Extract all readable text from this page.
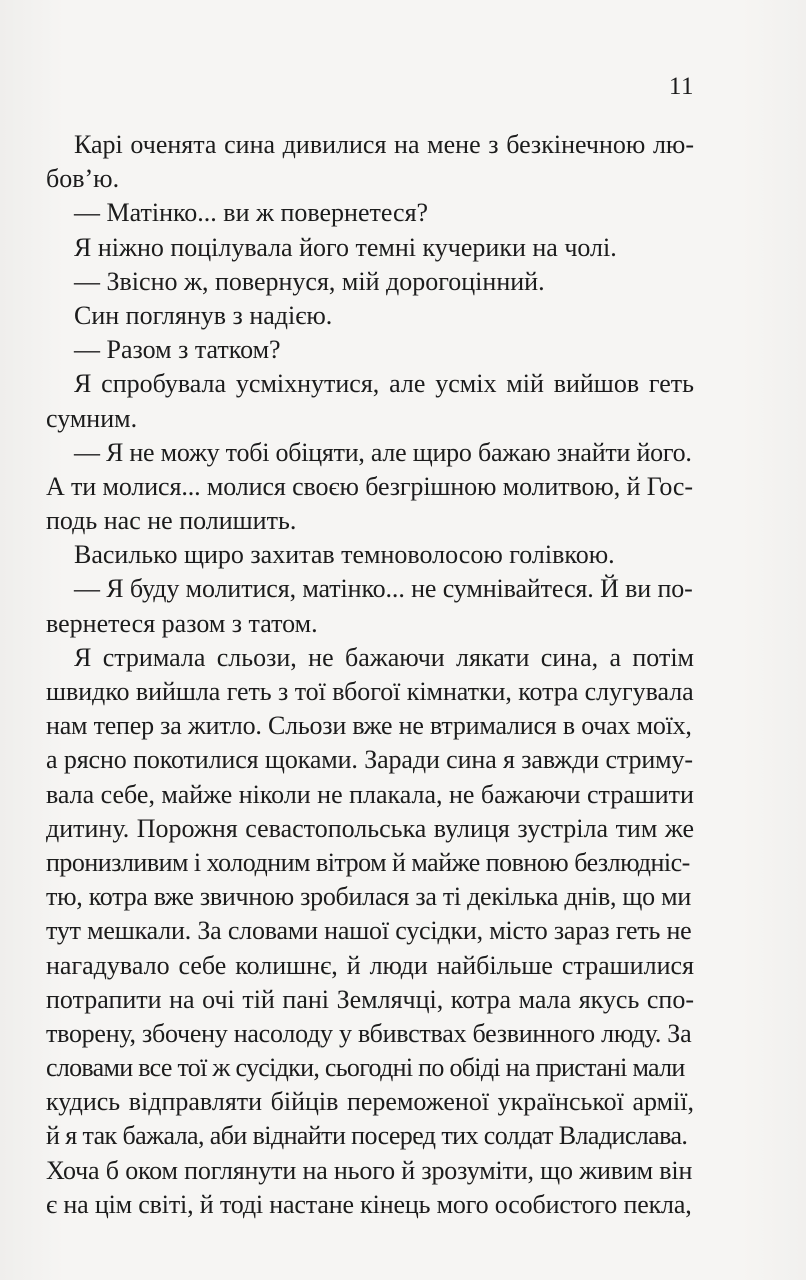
11
Карі оченята сина дивилися на мене з безкінечною лю-
бов’ю.
— Матінко... ви ж повернетеся?
Я ніжно поцілувала його темні кучерики на чолі.
— Звісно ж, повернуся, мій дорогоцінний.
Син поглянув з надією.
— Разом з татком?
Я спробувала усміхнутися, але усміх мій вийшов геть
сумним.
— Я не можу тобі обіцяти, але щиро бажаю знайти його.
А ти молися... молися своєю безгрішною молитвою, й Гос-
подь нас не полишить.
Василько щиро захитав темноволосою голівкою.
— Я буду молитися, матінко... не сумнівайтеся. Й ви по-
вернетеся разом з татом.
Я стримала сльози, не бажаючи лякати сина, а потім
швидко вийшла геть з тої вбогої кімнатки, котра слугувала
нам тепер за житло. Сльози вже не втрималися в очах моїх,
а рясно покотилися щоками. Заради сина я завжди стриму-
вала себе, майже ніколи не плакала, не бажаючи страшити
дитину. Порожня севастопольська вулиця зустріла тим же
пронизливим і холодним вітром й майже повною безлюдніс-
тю, котра вже звичною зробилася за ті декілька днів, що ми
тут мешкали. За словами нашої сусідки, місто зараз геть не
нагадувало себе колишнє, й люди найбільше страшилися
потрапити на очі тій пані Землячці, котра мала якусь спо-
творену, збочену насолоду у вбивствах безвинного люду. За
словами все тої ж сусідки, сьогодні по обіді на пристані мали
кудись відправляти бійців переможеної української армії,
й я так бажала, аби віднайти посеред тих солдат Владислава.
Хоча б оком поглянути на нього й зрозуміти, що живим він
є на цім світі, й тоді настане кінець мого особистого пекла,
